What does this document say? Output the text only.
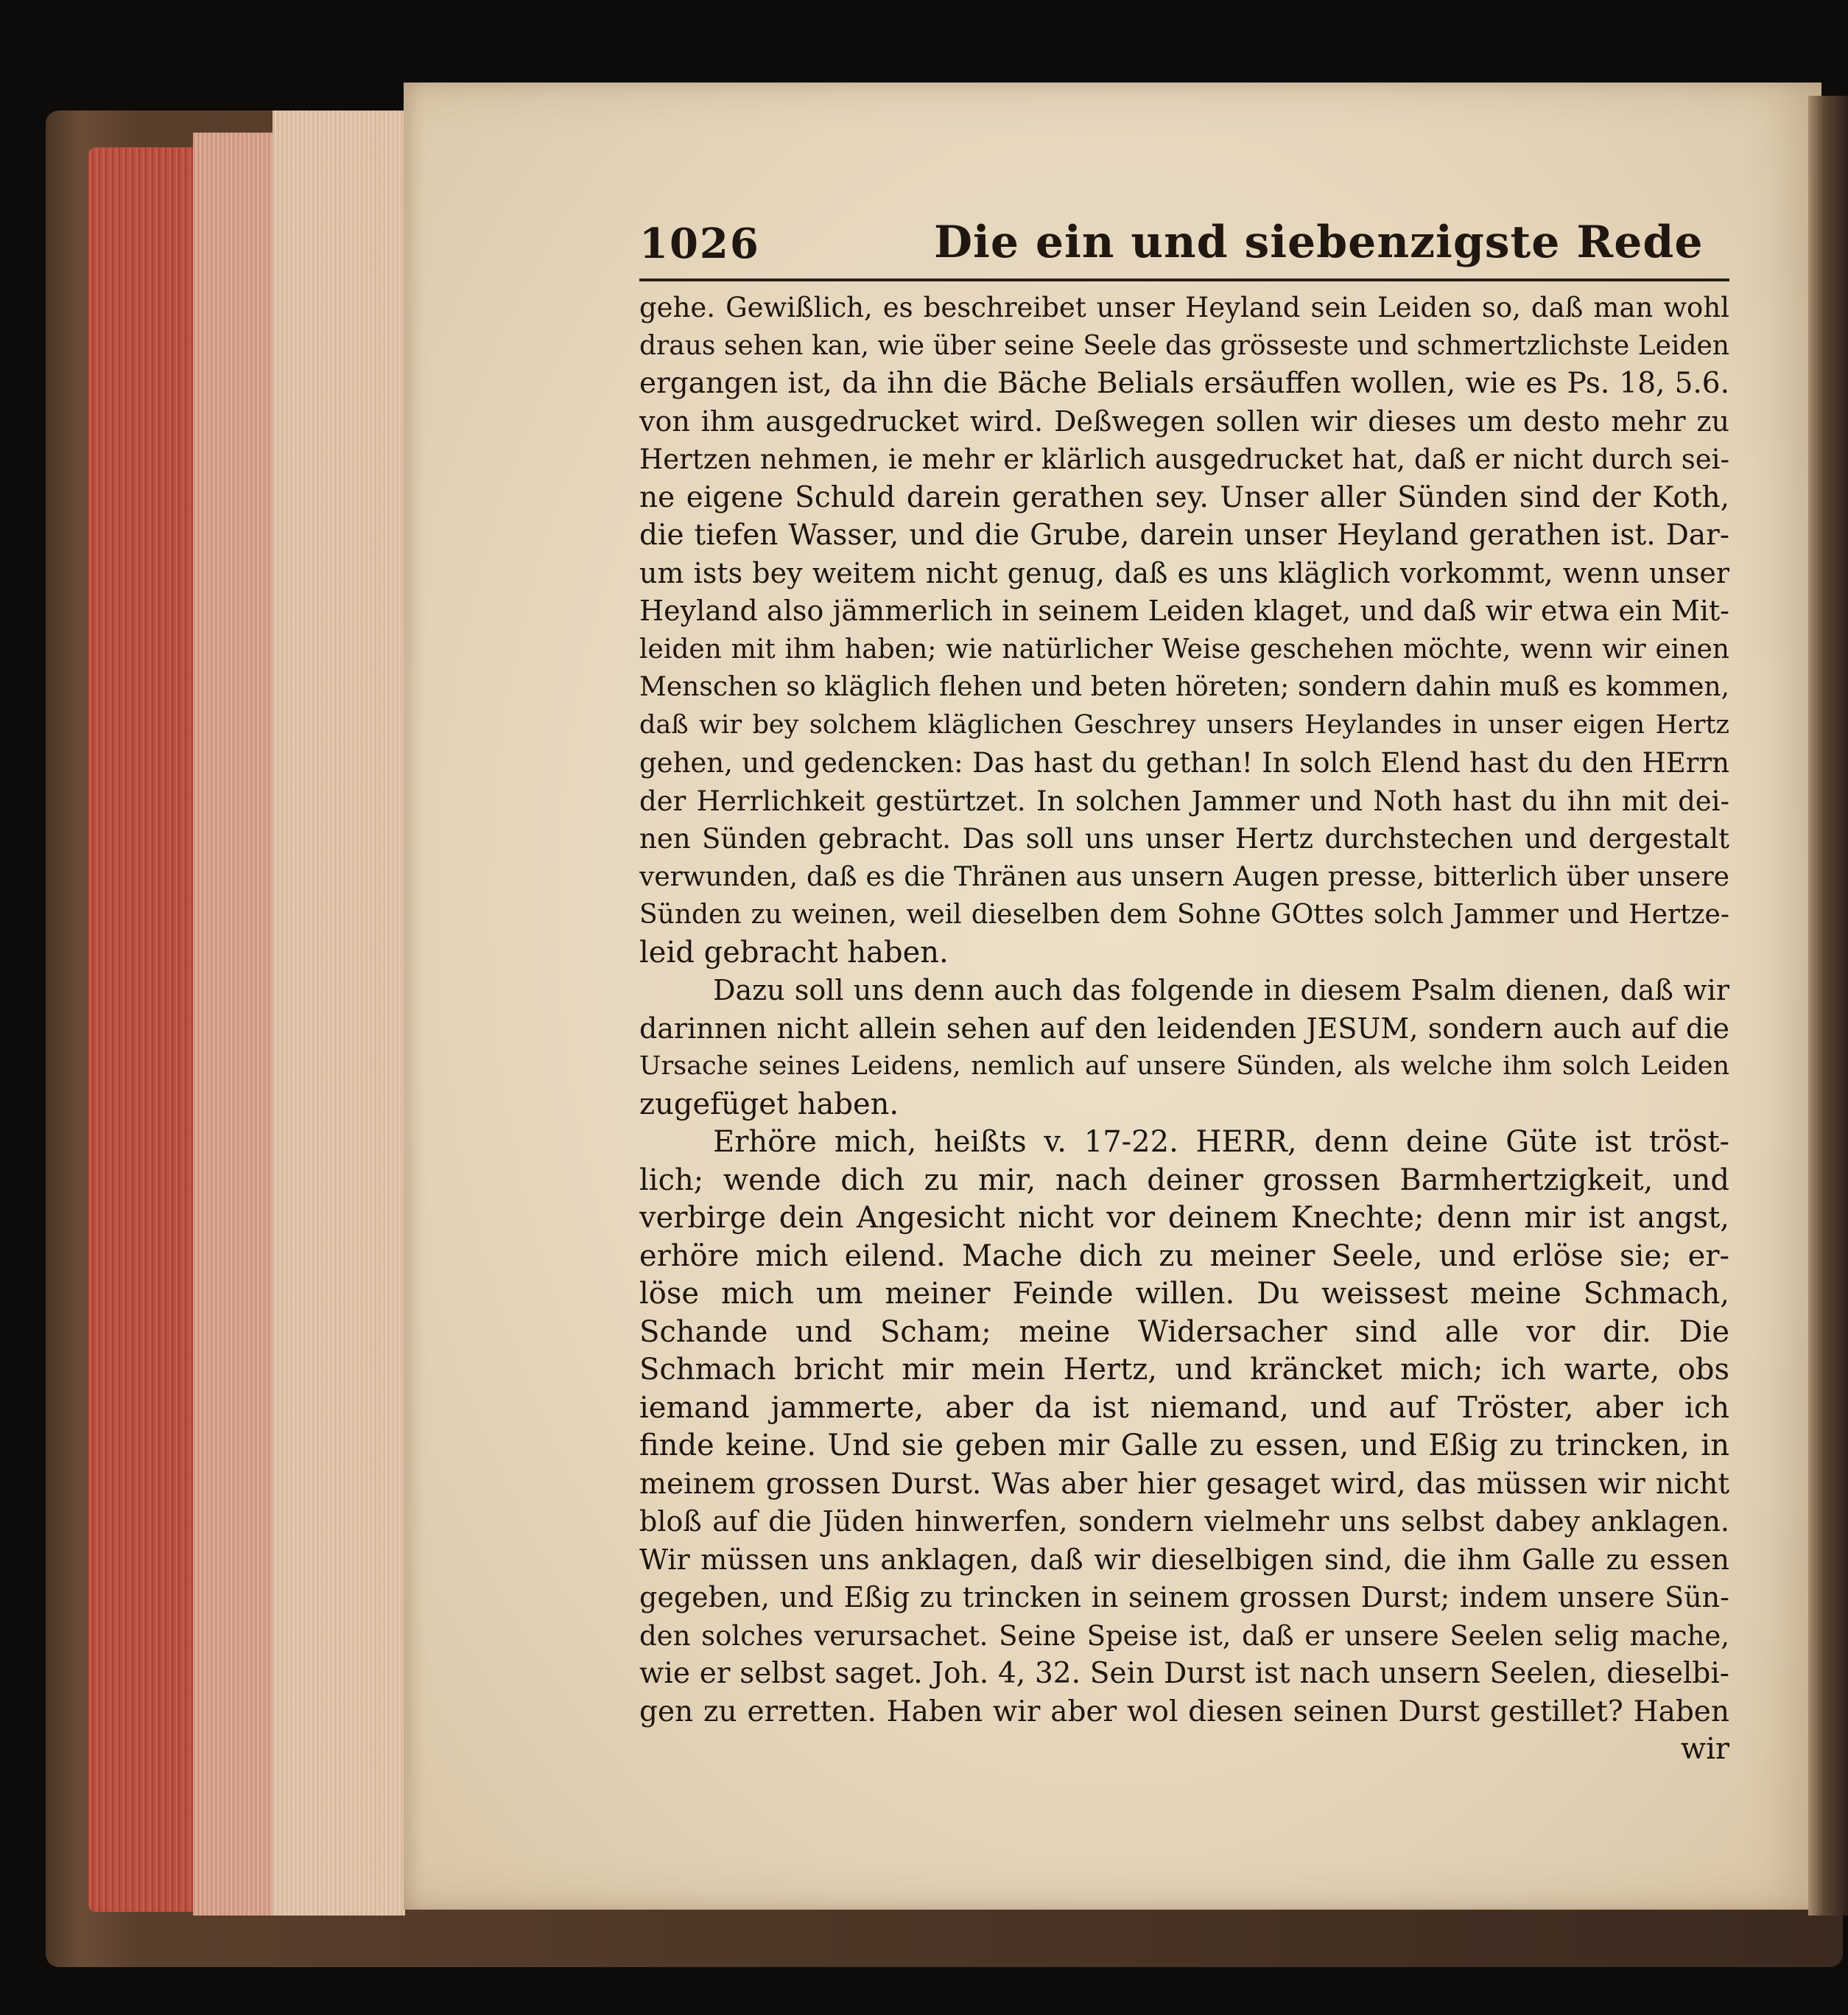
1026	Die ein und siebenzigste Rede
gehe. Gewißlich, es beschreibet unser Heyland sein Leiden so, daß man wohl
draus sehen kan, wie über seine Seele das grösseste und schmertzlichste Leiden
ergangen ist, da ihn die Bäche Belials ersäuffen wollen, wie es Ps. 18, 5.6.
von ihm ausgedrucket wird. Deßwegen sollen wir dieses um desto mehr zu
Hertzen nehmen, ie mehr er klärlich ausgedrucket hat, daß er nicht durch sei-
ne eigene Schuld darein gerathen sey. Unser aller Sünden sind der Koth,
die tiefen Wasser, und die Grube, darein unser Heyland gerathen ist. Dar-
um ists bey weitem nicht genug, daß es uns kläglich vorkommt, wenn unser
Heyland also jämmerlich in seinem Leiden klaget, und daß wir etwa ein Mit-
leiden mit ihm haben; wie natürlicher Weise geschehen möchte, wenn wir einen
Menschen so kläglich flehen und beten höreten; sondern dahin muß es kommen,
daß wir bey solchem kläglichen Geschrey unsers Heylandes in unser eigen Hertz
gehen, und gedencken: Das hast du gethan! In solch Elend hast du den HErrn
der Herrlichkeit gestürtzet. In solchen Jammer und Noth hast du ihn mit dei-
nen Sünden gebracht. Das soll uns unser Hertz durchstechen und dergestalt
verwunden, daß es die Thränen aus unsern Augen presse, bitterlich über unsere
Sünden zu weinen, weil dieselben dem Sohne GOttes solch Jammer und Hertze-
leid gebracht haben.
Dazu soll uns denn auch das folgende in diesem Psalm dienen, daß wir
darinnen nicht allein sehen auf den leidenden JESUM, sondern auch auf die
Ursache seines Leidens, nemlich auf unsere Sünden, als welche ihm solch Leiden
zugefüget haben.
Erhöre mich, heißts v. 17-22. HERR, denn deine Güte ist tröst-
lich; wende dich zu mir, nach deiner grossen Barmhertzigkeit, und
verbirge dein Angesicht nicht vor deinem Knechte; denn mir ist angst,
erhöre mich eilend. Mache dich zu meiner Seele, und erlöse sie; er-
löse mich um meiner Feinde willen. Du weissest meine Schmach,
Schande und Scham; meine Widersacher sind alle vor dir. Die
Schmach bricht mir mein Hertz, und kräncket mich; ich warte, obs
iemand jammerte, aber da ist niemand, und auf Tröster, aber ich
finde keine. Und sie geben mir Galle zu essen, und Eßig zu trincken, in
meinem grossen Durst. Was aber hier gesaget wird, das müssen wir nicht
bloß auf die Jüden hinwerfen, sondern vielmehr uns selbst dabey anklagen.
Wir müssen uns anklagen, daß wir dieselbigen sind, die ihm Galle zu essen
gegeben, und Eßig zu trincken in seinem grossen Durst; indem unsere Sün-
den solches verursachet. Seine Speise ist, daß er unsere Seelen selig mache,
wie er selbst saget. Joh. 4, 32. Sein Durst ist nach unsern Seelen, dieselbi-
gen zu erretten. Haben wir aber wol diesen seinen Durst gestillet? Haben
wir
